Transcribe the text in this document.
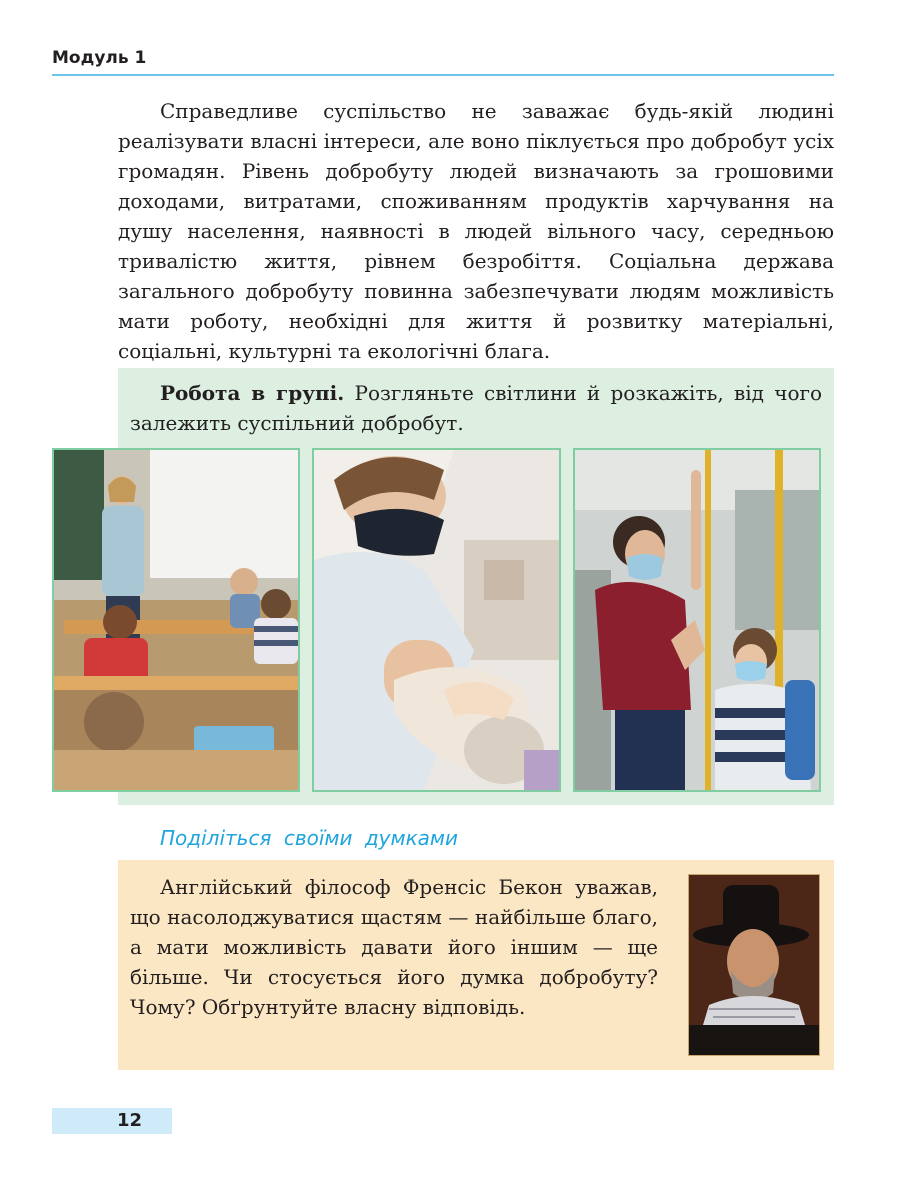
Модуль 1

Справедливе суспільство не заважає будь-якій людині реалізувати власні інтереси, але воно піклується про добробут усіх громадян. Рівень добробуту людей визначають за грошовими доходами, витратами, споживанням продуктів харчування на душу населення, наявності в людей вільного часу, середньою тривалістю життя, рівнем безробіття. Соціальна держава загального добробуту повинна забезпечувати людям можливість мати роботу, необхідні для життя й розвитку матеріальні, соціальні, культурні та екологічні блага.

Робота в групі. Розгляньте світлини й розкажіть, від чого залежить суспільний добробут.

Поділіться своїми думками

Англійський філософ Френсіс Бекон уважав, що насолоджуватися щастям — найбільше благо, а мати можливість давати його іншим — ще більше. Чи стосується його думка добробуту? Чому? Обґрунтуйте власну відповідь.

12
